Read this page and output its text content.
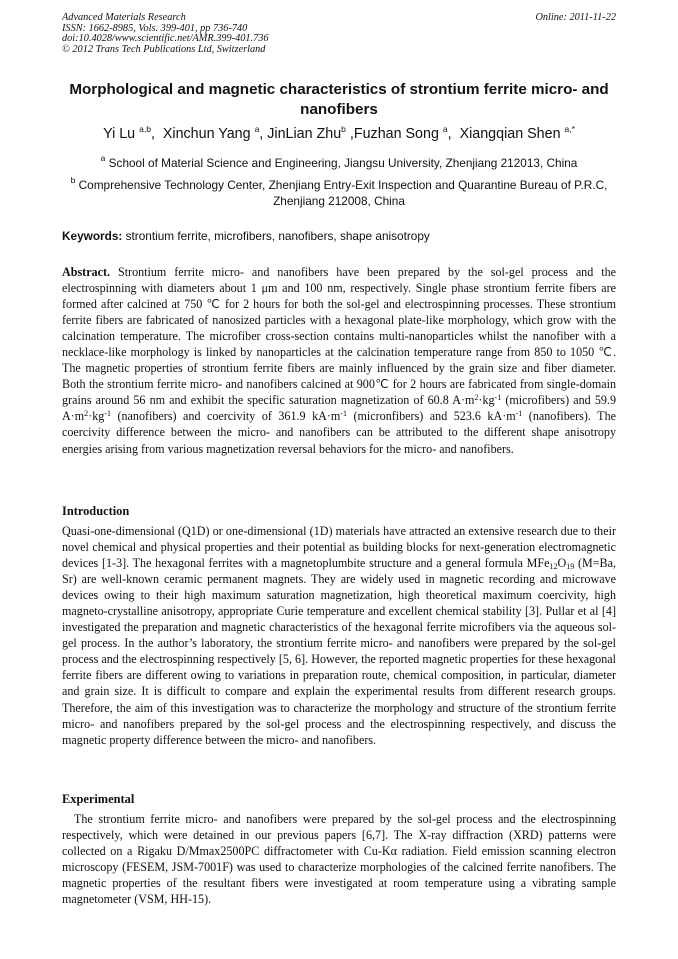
Advanced Materials Research
ISSN: 1662-8985, Vols. 399-401, pp 736-740
doi:10.4028/www.scientific.net/AMR.399-401.736
© 2012 Trans Tech Publications Ltd, Switzerland
Online: 2011-11-22
Morphological and magnetic characteristics of strontium ferrite micro- and nanofibers
Yi Lu $^{a,b}$,  Xinchun Yang $^a$, JinLian Zhu$^b$ ,Fuzhan Song $^a$,  Xiangqian Shen $^{a,*}$
$^a$ School of Material Science and Engineering, Jiangsu University, Zhenjiang 212013, China
$^b$ Comprehensive Technology Center, Zhenjiang Entry-Exit Inspection and Quarantine Bureau of P.R.C, Zhenjiang 212008, China
Keywords: strontium ferrite, microfibers, nanofibers, shape anisotropy
Abstract. Strontium ferrite micro- and nanofibers have been prepared by the sol-gel process and the electrospinning with diameters about 1 μm and 100 nm, respectively. Single phase strontium ferrite fibers are formed after calcined at 750 ℃ for 2 hours for both the sol-gel and electrospinning processes. These strontium ferrite fibers are fabricated of nanosized particles with a hexagonal plate-like morphology, which grow with the calcination temperature. The microfiber cross-section contains multi-nanoparticles whilst the nanofiber with a necklace-like morphology is linked by nanoparticles at the calcination temperature range from 850 to 1050 ℃. The magnetic properties of strontium ferrite fibers are mainly influenced by the grain size and fiber diameter. Both the strontium ferrite micro- and nanofibers calcined at 900℃ for 2 hours are fabricated from single-domain grains around 56 nm and exhibit the specific saturation magnetization of 60.8 $A\cdot m^2\cdot kg^{-1}$ (microfibers) and 59.9 $A\cdot m^2\cdot kg^{-1}$ (nanofibers) and coercivity of 361.9 $kA\cdot m^{-1}$ (micronfibers) and 523.6 $kA\cdot m^{-1}$ (nanofibers). The coercivity difference between the micro- and nanofibers can be attributed to the different shape anisotropy energies arising from various magnetization reversal behaviors for the micro- and nanofibers.
Introduction
Quasi-one-dimensional (Q1D) or one-dimensional (1D) materials have attracted an extensive research due to their novel chemical and physical properties and their potential as building blocks for next-generation electromagnetic devices [1-3]. The hexagonal ferrites with a magnetoplumbite structure and a general formula $MFe_{12}O_{19}$ (M=Ba, Sr) are well-known ceramic permanent magnets. They are widely used in magnetic recording and microwave devices owing to their high maximum saturation magnetization, high theoretical maximum coercivity, high magneto-crystalline anisotropy, appropriate Curie temperature and excellent chemical stability [3]. Pullar et al [4] investigated the preparation and magnetic characteristics of the hexagonal ferrite microfibers via the aqueous sol-gel process. In the author’s laboratory, the strontium ferrite micro- and nanofibers were prepared by the sol-gel process and the electrospinning respectively [5, 6]. However, the reported magnetic properties for these hexagonal ferrite fibers are different owing to variations in preparation route, chemical composition, in particular, diameter and grain size. It is difficult to compare and explain the experimental results from different research groups. Therefore, the aim of this investigation was to characterize the morphology and structure of the strontium ferrite micro- and nanofibers prepared by the sol-gel process and the electrospinning respectively, and discuss the magnetic property difference between the micro- and nanofibers.
Experimental
The strontium ferrite micro- and nanofibers were prepared by the sol-gel process and the electrospinning respectively, which were detained in our previous papers [6,7]. The X-ray diffraction (XRD) patterns were collected on a Rigaku D/Mmax2500PC diffractometer with Cu-Kα radiation. Field emission scanning electron microscopy (FESEM, JSM-7001F) was used to characterize morphologies of the calcined ferrite nanofibers. The magnetic properties of the resultant fibers were investigated at room temperature using a vibrating sample magnetometer (VSM, HH-15).
